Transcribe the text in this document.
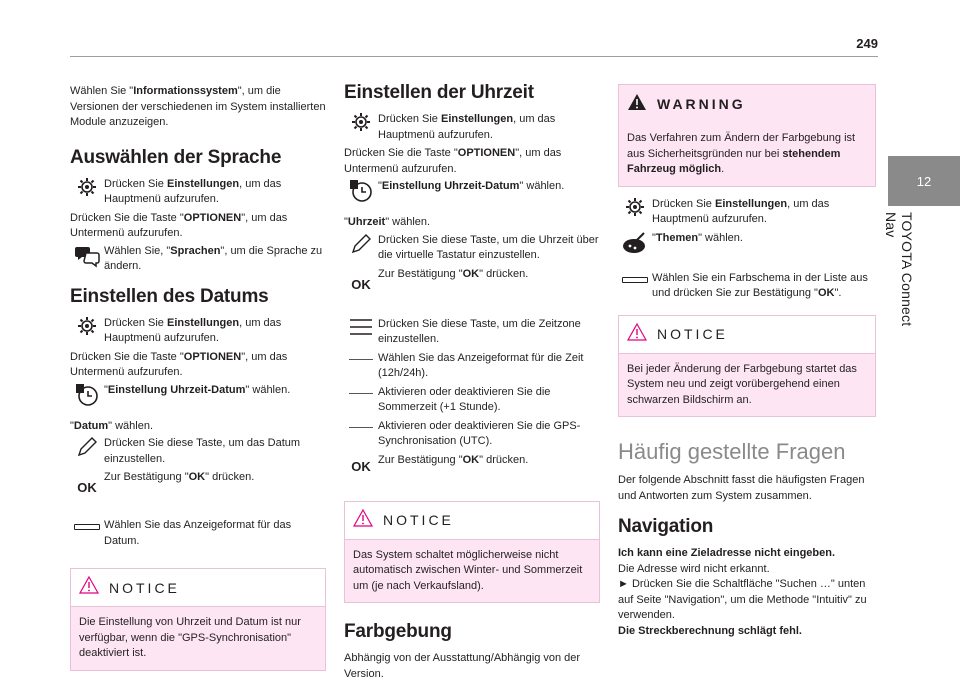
249
12
TOYOTA Connect Nav

Wählen Sie "Informationssystem", um die Versionen der verschiedenen im System installierten Module anzuzeigen.

Auswählen der Sprache

Drücken Sie Einstellungen, um das Hauptmenü aufzurufen.

Drücken Sie die Taste "OPTIONEN", um das Untermenü aufzurufen.

Wählen Sie, "Sprachen", um die Sprache zu ändern.

Einstellen des Datums

Drücken Sie Einstellungen, um das Hauptmenü aufzurufen.

Drücken Sie die Taste "OPTIONEN", um das Untermenü aufzurufen.

"Einstellung Uhrzeit-Datum" wählen.

"Datum" wählen.

Drücken Sie diese Taste, um das Datum einzustellen.

OK

Zur Bestätigung "OK" drücken.

Wählen Sie das Anzeigeformat für das Datum.

NOTICE

Die Einstellung von Uhrzeit und Datum ist nur verfügbar, wenn die "GPS-Synchronisation" deaktiviert ist.

Einstellen der Uhrzeit

Drücken Sie Einstellungen, um das Hauptmenü aufzurufen.

Drücken Sie die Taste "OPTIONEN", um das Untermenü aufzurufen.

"Einstellung Uhrzeit-Datum" wählen.

"Uhrzeit" wählen.

Drücken Sie diese Taste, um die Uhrzeit über die virtuelle Tastatur einzustellen.

OK

Zur Bestätigung "OK" drücken.

Drücken Sie diese Taste, um die Zeitzone einzustellen.

Wählen Sie das Anzeigeformat für die Zeit (12h/24h).

Aktivieren oder deaktivieren Sie die Sommerzeit (+1 Stunde).

Aktivieren oder deaktivieren Sie die GPS-Synchronisation (UTC).

OK Zur Bestätigung "OK" drücken.

NOTICE

Das System schaltet möglicherweise nicht automatisch zwischen Winter- und Sommerzeit um (je nach Verkaufsland).

Farbgebung

Abhängig von der Ausstattung/Abhängig von der Version.

WARNING

Das Verfahren zum Ändern der Farbgebung ist aus Sicherheitsgründen nur bei stehendem Fahrzeug möglich.

Drücken Sie Einstellungen, um das Hauptmenü aufzurufen.

"Themen" wählen.

Wählen Sie ein Farbschema in der Liste aus und drücken Sie zur Bestätigung "OK".

NOTICE

Bei jeder Änderung der Farbgebung startet das System neu und zeigt vorübergehend einen schwarzen Bildschirm an.

Häufig gestellte Fragen

Der folgende Abschnitt fasst die häufigsten Fragen und Antworten zum System zusammen.

Navigation

Ich kann eine Zieladresse nicht eingeben.

Die Adresse wird nicht erkannt.

► Drücken Sie die Schaltfläche "Suchen …" unten auf Seite "Navigation", um die Methode "Intuitiv" zu verwenden.

Die Streckberechnung schlägt fehl.
